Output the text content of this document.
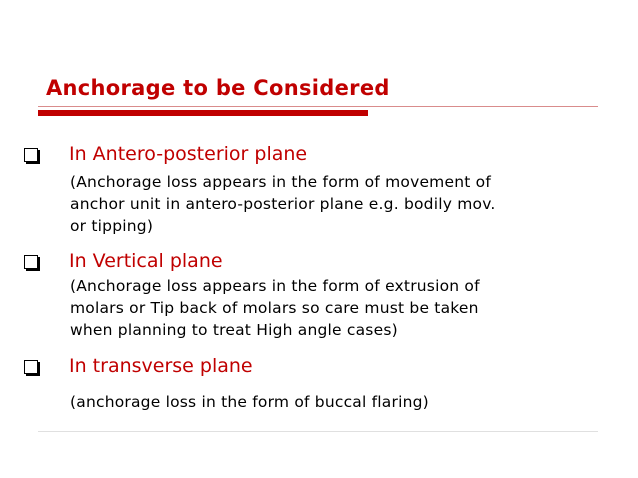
Anchorage to be Considered
In Antero-posterior plane
(Anchorage loss appears in the form of movement of
anchor unit in antero-posterior plane e.g. bodily mov.
or tipping)
In Vertical plane
(Anchorage loss appears in the form of extrusion of
molars or Tip back of molars so care must be taken
when planning to treat High angle cases)
In transverse plane
(anchorage loss in the form of buccal flaring)
